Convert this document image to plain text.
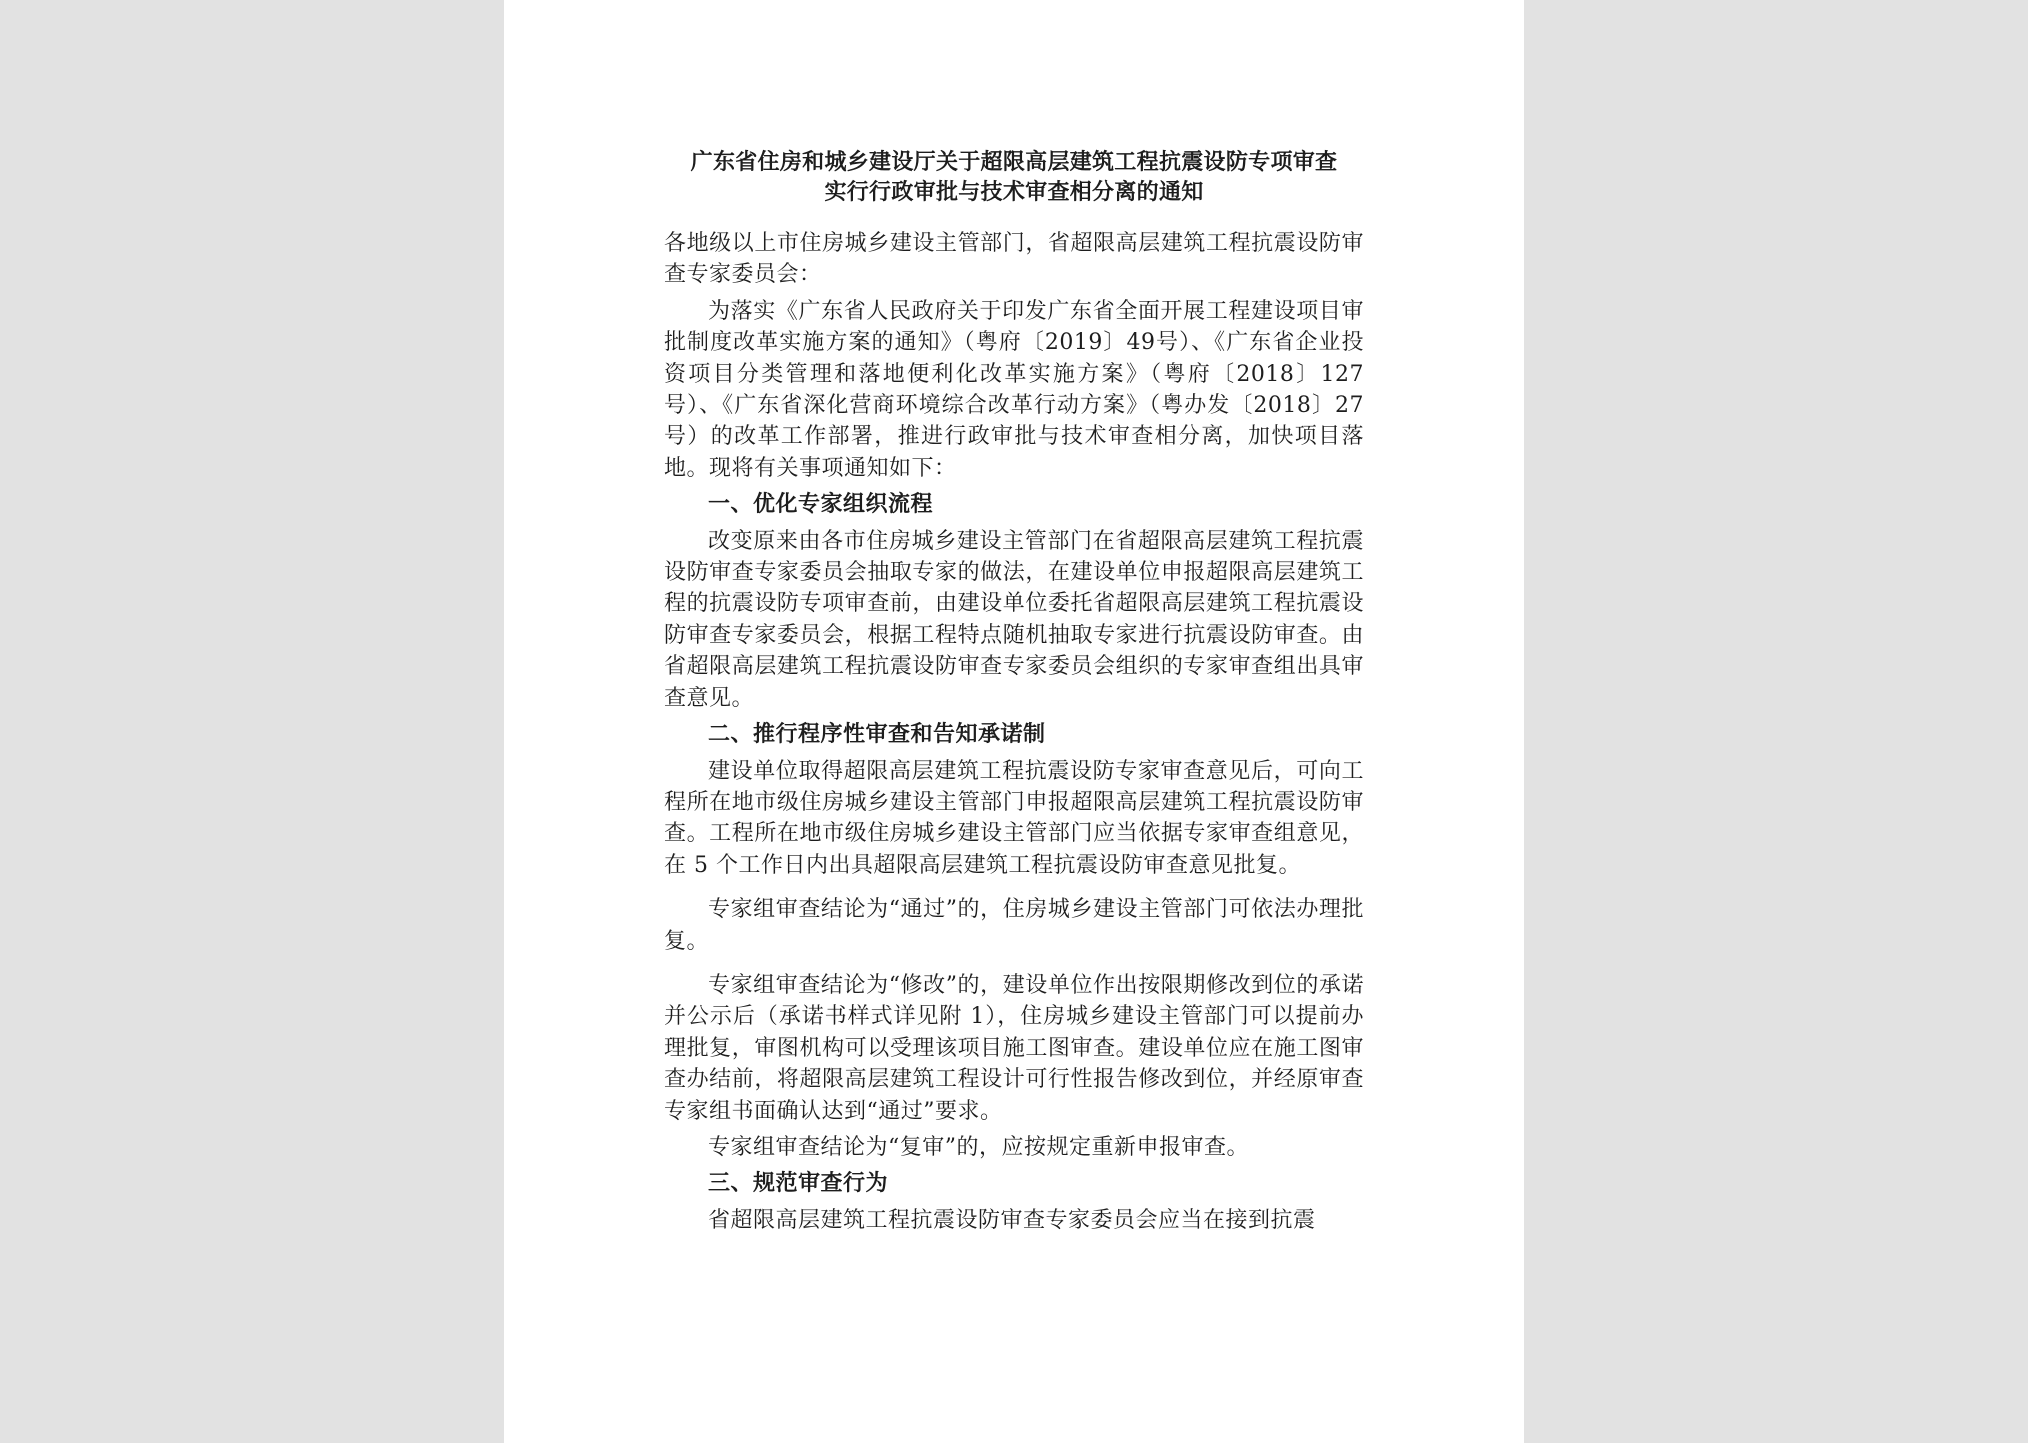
广东省住房和城乡建设厅关于超限高层建筑工程抗震设防专项审查
实行行政审批与技术审查相分离的通知

各地级以上市住房城乡建设主管部门，省超限高层建筑工程抗震设防审查专家委员会：

为落实《广东省人民政府关于印发广东省全面开展工程建设项目审批制度改革实施方案的通知》（粤府〔2019〕49号）、《广东省企业投资项目分类管理和落地便利化改革实施方案》（粤府〔2018〕127号）、《广东省深化营商环境综合改革行动方案》（粤办发〔2018〕27号）的改革工作部署，推进行政审批与技术审查相分离，加快项目落地。现将有关事项通知如下：

一、优化专家组织流程

改变原来由各市住房城乡建设主管部门在省超限高层建筑工程抗震设防审查专家委员会抽取专家的做法，在建设单位申报超限高层建筑工程的抗震设防专项审查前，由建设单位委托省超限高层建筑工程抗震设防审查专家委员会，根据工程特点随机抽取专家进行抗震设防审查。由省超限高层建筑工程抗震设防审查专家委员会组织的专家审查组出具审查意见。

二、推行程序性审查和告知承诺制

建设单位取得超限高层建筑工程抗震设防专家审查意见后，可向工程所在地市级住房城乡建设主管部门申报超限高层建筑工程抗震设防审查。工程所在地市级住房城乡建设主管部门应当依据专家审查组意见，在 5 个工作日内出具超限高层建筑工程抗震设防审查意见批复。

专家组审查结论为“通过”的，住房城乡建设主管部门可依法办理批复。

专家组审查结论为“修改”的，建设单位作出按限期修改到位的承诺并公示后（承诺书样式详见附 1），住房城乡建设主管部门可以提前办理批复，审图机构可以受理该项目施工图审查。建设单位应在施工图审查办结前，将超限高层建筑工程设计可行性报告修改到位，并经原审查专家组书面确认达到“通过”要求。

专家组审查结论为“复审”的，应按规定重新申报审查。

三、规范审查行为

省超限高层建筑工程抗震设防审查专家委员会应当在接到抗震
